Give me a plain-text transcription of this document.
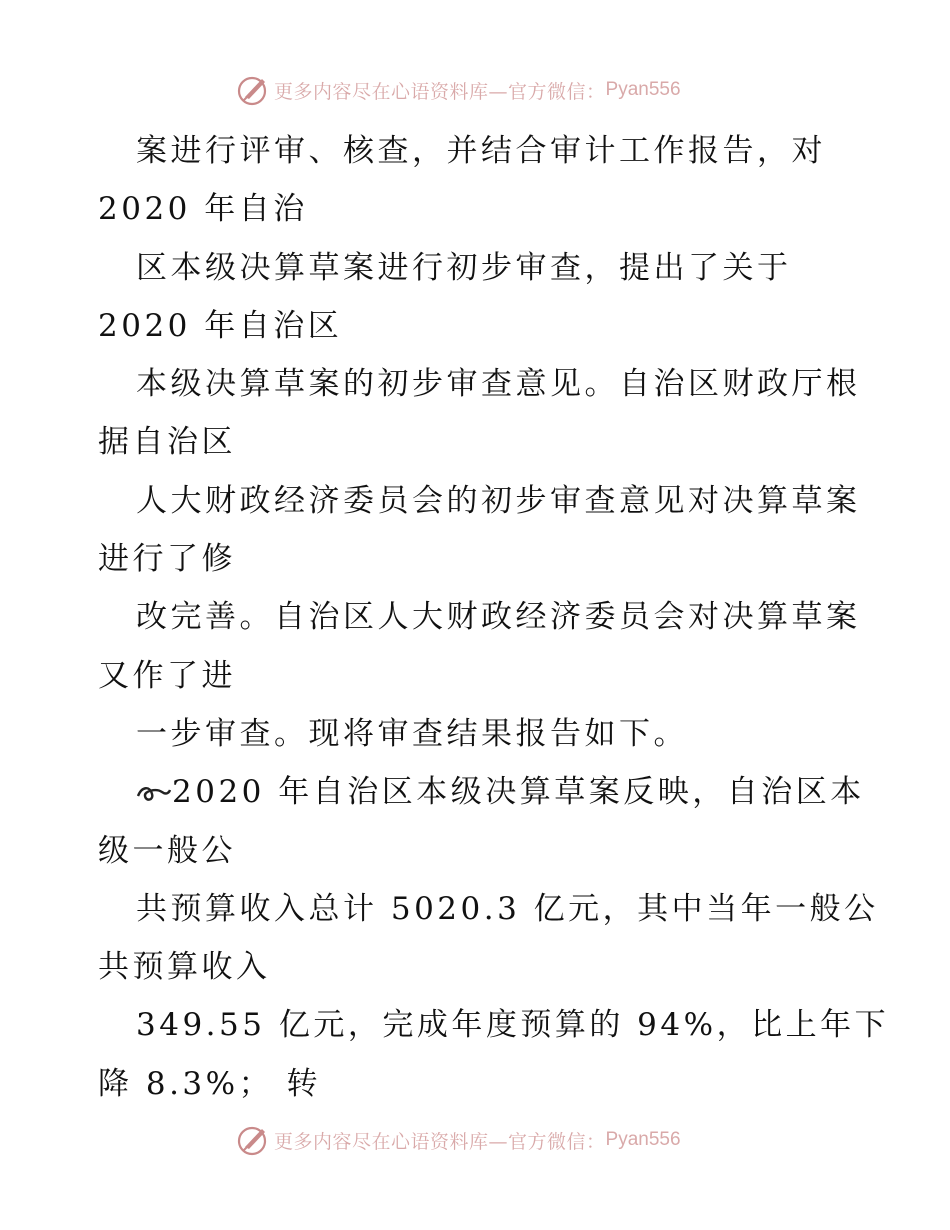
更多内容尽在心语资料库—官方微信： Pyan556
案进行评审、核查，并结合审计工作报告，对
2020 年自治
区本级决算草案进行初步审查，提出了关于
2020 年自治区
本级决算草案的初步审查意见。自治区财政厅根
据自治区
人大财政经济委员会的初步审查意见对决算草案
进行了修
改完善。自治区人大财政经济委员会对决算草案
又作了进
一步审查。现将审查结果报告如下。
2020 年自治区本级决算草案反映，自治区本
级一般公
共预算收入总计 5020.3 亿元，其中当年一般公
共预算收入
349.55 亿元，完成年度预算的 94%，比上年下
降 8.3%； 转
更多内容尽在心语资料库—官方微信： Pyan556
